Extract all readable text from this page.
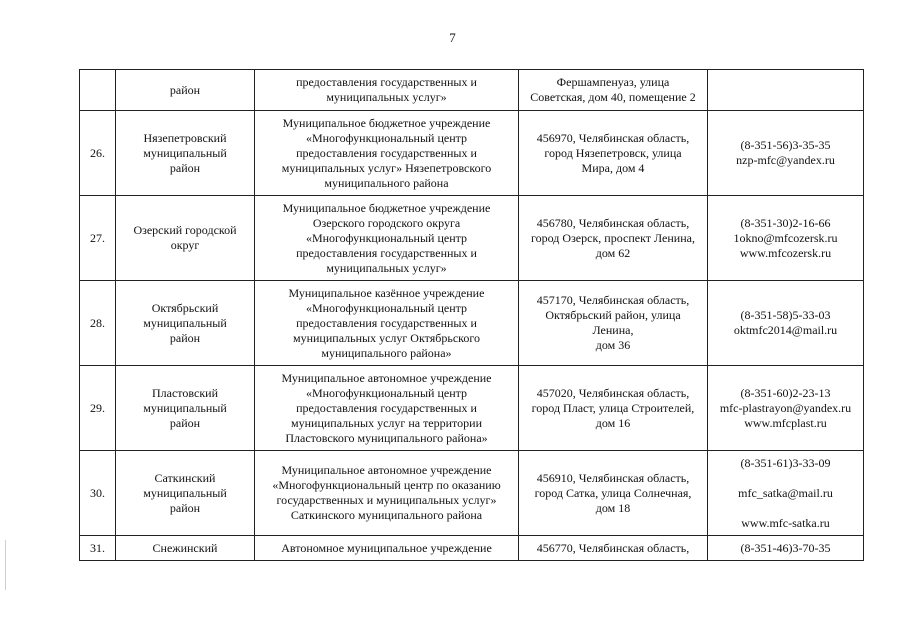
7

	район	предоставления государственных и
муниципальных услуг»	Фершампенуаз, улица
Советская, дом 40, помещение 2	

26.	Нязепетровский
муниципальный
район	Муниципальное бюджетное учреждение
«Многофункциональный центр
предоставления государственных и
муниципальных услуг» Нязепетровского
муниципального района	456970, Челябинская область,
город Нязепетровск, улица
Мира, дом 4	(8-351-56)3-35-35
nzp-mfc@yandex.ru

27.	Озерский городской
округ	Муниципальное бюджетное учреждение
Озерского городского округа
«Многофункциональный центр
предоставления государственных и
муниципальных услуг»	456780, Челябинская область,
город Озерск, проспект Ленина,
дом 62	(8-351-30)2-16-66
1okno@mfcozersk.ru
www.mfcozersk.ru

28.	Октябрьский
муниципальный
район	Муниципальное казённое учреждение
«Многофункциональный центр
предоставления государственных и
муниципальных услуг Октябрьского
муниципального района»	457170, Челябинская область,
Октябрьский район, улица
Ленина,
дом 36	(8-351-58)5-33-03
oktmfc2014@mail.ru

29.	Пластовский
муниципальный
район	Муниципальное автономное учреждение
«Многофункциональный центр
предоставления государственных и
муниципальных услуг на территории
Пластовского муниципального района»	457020, Челябинская область,
город Пласт, улица Строителей,
дом 16	(8-351-60)2-23-13
mfc-plastrayon@yandex.ru
www.mfcplast.ru

30.	Саткинский
муниципальный
район	Муниципальное автономное учреждение
«Многофункциональный центр по оказанию
государственных и муниципальных услуг»
Саткинского муниципального района	456910, Челябинская область,
город Сатка, улица Солнечная,
дом 18	(8-351-61)3-33-09
mfc_satka@mail.ru
www.mfc-satka.ru

31.	Снежинский	Автономное муниципальное учреждение	456770, Челябинская область,	(8-351-46)3-70-35
